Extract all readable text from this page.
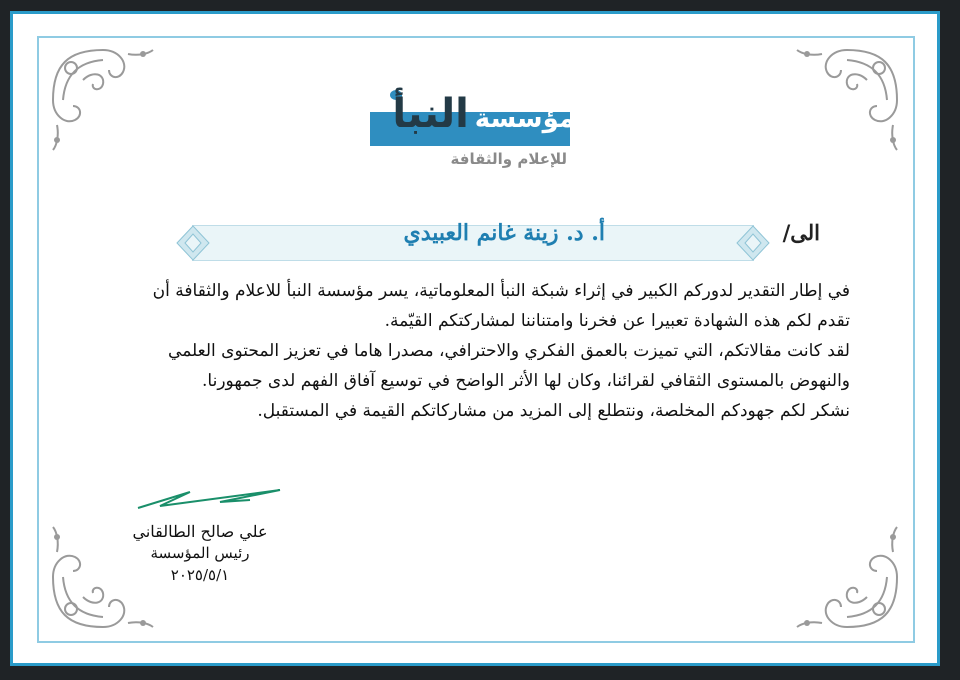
مؤسسةالنبأ
للإعلام والثقافة
الى/
أ. د. زينة غانم العبيدي

في إطار التقدير لدوركم الكبير في إثراء شبكة النبأ المعلوماتية، يسر مؤسسة النبأ للاعلام والثقافة أن

تقدم لكم هذه الشهادة تعبيرا عن فخرنا وامتناننا لمشاركتكم القيّمة.

لقد كانت مقالاتكم، التي تميزت بالعمق الفكري والاحترافي، مصدرا هاما في تعزيز المحتوى العلمي

والنهوض بالمستوى الثقافي لقرائنا، وكان لها الأثر الواضح في توسيع آفاق الفهم لدى جمهورنا.

نشكر لكم جهودكم المخلصة، ونتطلع إلى المزيد من مشاركاتكم القيمة في المستقبل.

علي صالح الطالقاني
رئيس المؤسسة
٢٠٢٥/٥/١
